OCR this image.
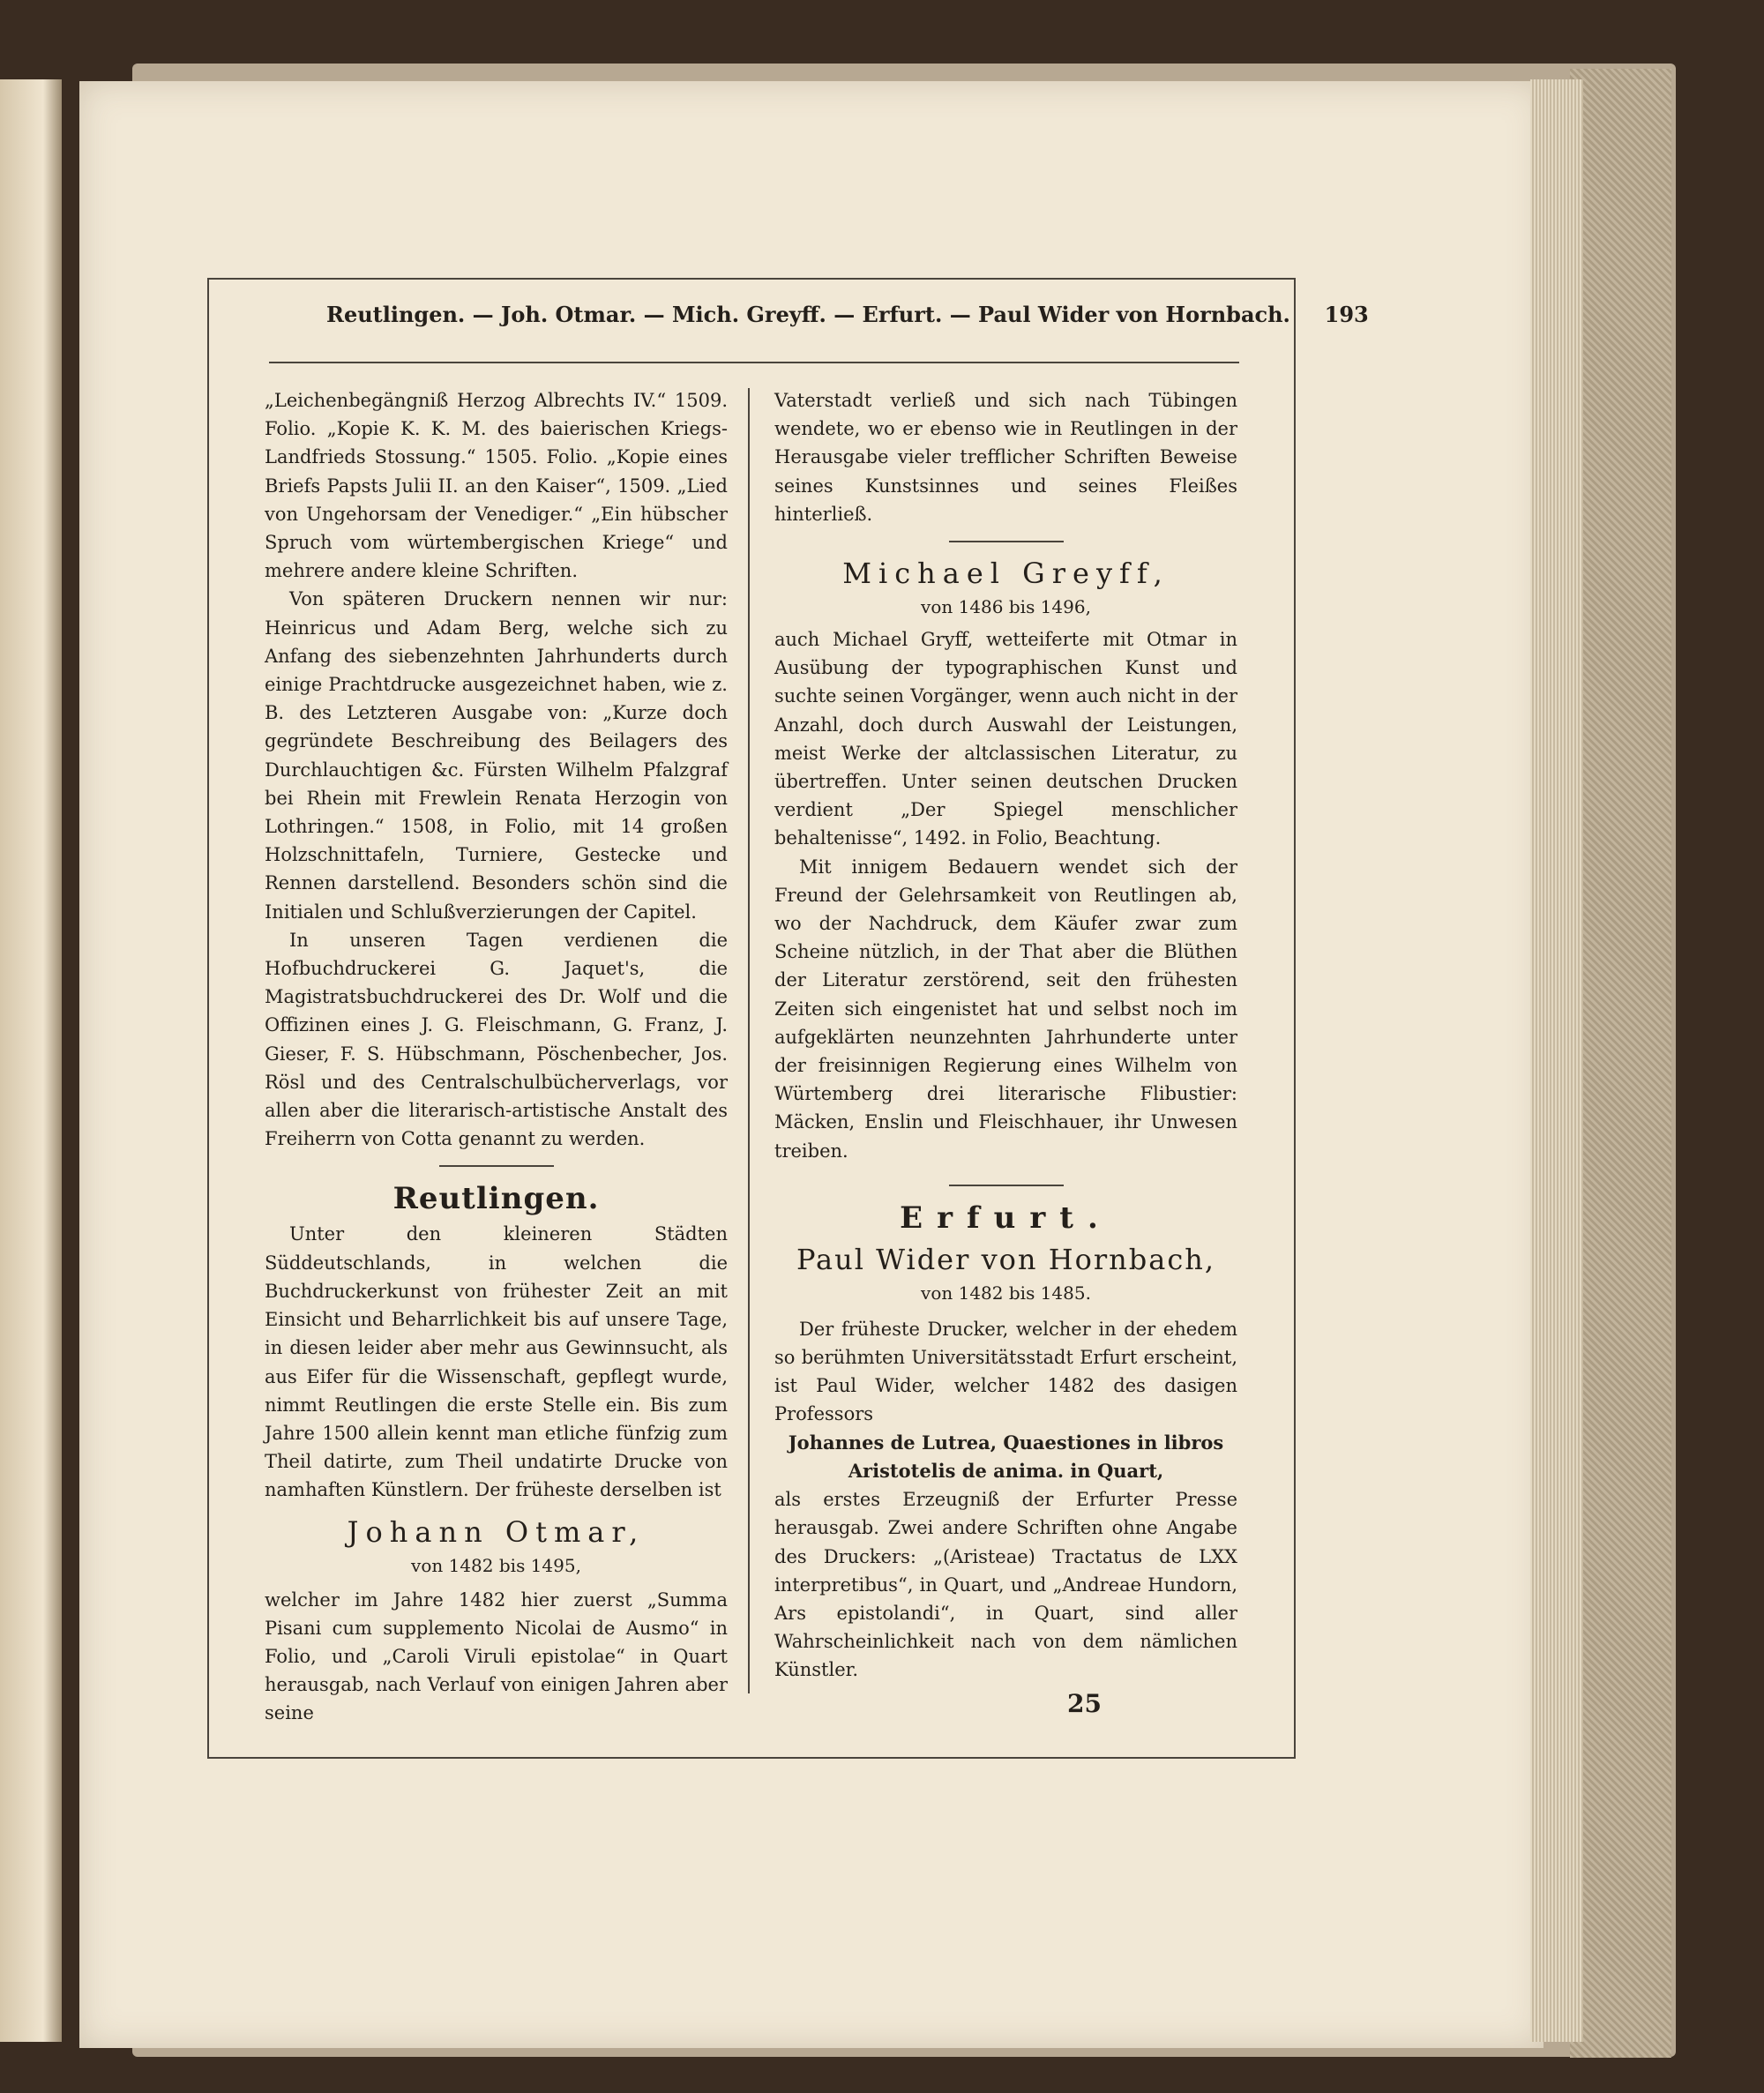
Reutlingen. — Joh. Otmar. — Mich. Greyff. — Erfurt. — Paul Wider von Hornbach. 193

„Leichenbegängniß Herzog Albrechts IV.“ 1509. Folio. „Kopie K. K. M. des baierischen Kriegs-Landfrieds Stossung.“ 1505. Folio. „Kopie eines Briefs Papsts Julii II. an den Kaiser“, 1509. „Lied von Ungehorsam der Venediger.“ „Ein hübscher Spruch vom würtembergischen Kriege“ und mehrere andere kleine Schriften.

Von späteren Druckern nennen wir nur: Heinricus und Adam Berg, welche sich zu Anfang des siebenzehnten Jahrhunderts durch einige Prachtdrucke ausgezeichnet haben, wie z. B. des Letzteren Ausgabe von: „Kurze doch gegründete Beschreibung des Beilagers des Durchlauchtigen &c. Fürsten Wilhelm Pfalzgraf bei Rhein mit Frewlein Renata Herzogin von Lothringen.“ 1508, in Folio, mit 14 großen Holzschnittafeln, Turniere, Gestecke und Rennen darstellend. Besonders schön sind die Initialen und Schlußverzierungen der Capitel.

In unseren Tagen verdienen die Hofbuchdruckerei G. Jaquet's, die Magistratsbuchdruckerei des Dr. Wolf und die Offizinen eines J. G. Fleischmann, G. Franz, J. Gieser, F. S. Hübschmann, Pöschenbecher, Jos. Rösl und des Centralschulbücherverlags, vor allen aber die literarisch-artistische Anstalt des Freiherrn von Cotta genannt zu werden.

Reutlingen.

Unter den kleineren Städten Süddeutschlands, in welchen die Buchdruckerkunst von frühester Zeit an mit Einsicht und Beharrlichkeit bis auf unsere Tage, in diesen leider aber mehr aus Gewinnsucht, als aus Eifer für die Wissenschaft, gepflegt wurde, nimmt Reutlingen die erste Stelle ein. Bis zum Jahre 1500 allein kennt man etliche fünfzig zum Theil datirte, zum Theil undatirte Drucke von namhaften Künstlern. Der früheste derselben ist

Johann Otmar,
von 1482 bis 1495,

welcher im Jahre 1482 hier zuerst „Summa Pisani cum supplemento Nicolai de Ausmo“ in Folio, und „Caroli Viruli epistolae“ in Quart herausgab, nach Verlauf von einigen Jahren aber seine

Vaterstadt verließ und sich nach Tübingen wendete, wo er ebenso wie in Reutlingen in der Herausgabe vieler trefflicher Schriften Beweise seines Kunstsinnes und seines Fleißes hinterließ.

Michael Greyff,
von 1486 bis 1496,

auch Michael Gryff, wetteiferte mit Otmar in Ausübung der typographischen Kunst und suchte seinen Vorgänger, wenn auch nicht in der Anzahl, doch durch Auswahl der Leistungen, meist Werke der altclassischen Literatur, zu übertreffen. Unter seinen deutschen Drucken verdient „Der Spiegel menschlicher behaltenisse“, 1492. in Folio, Beachtung.

Mit innigem Bedauern wendet sich der Freund der Gelehrsamkeit von Reutlingen ab, wo der Nachdruck, dem Käufer zwar zum Scheine nützlich, in der That aber die Blüthen der Literatur zerstörend, seit den frühesten Zeiten sich eingenistet hat und selbst noch im aufgeklärten neunzehnten Jahrhunderte unter der freisinnigen Regierung eines Wilhelm von Würtemberg drei literarische Flibustier: Mäcken, Enslin und Fleischhauer, ihr Unwesen treiben.

Erfurt.
Paul Wider von Hornbach,
von 1482 bis 1485.

Der früheste Drucker, welcher in der ehedem so berühmten Universitätsstadt Erfurt erscheint, ist Paul Wider, welcher 1482 des dasigen Professors

Johannes de Lutrea, Quaestiones in libros Aristotelis de anima. in Quart,

als erstes Erzeugniß der Erfurter Presse herausgab. Zwei andere Schriften ohne Angabe des Druckers: „(Aristeae) Tractatus de LXX interpretibus“, in Quart, und „Andreae Hundorn, Ars epistolandi“, in Quart, sind aller Wahrscheinlichkeit nach von dem nämlichen Künstler.

25
